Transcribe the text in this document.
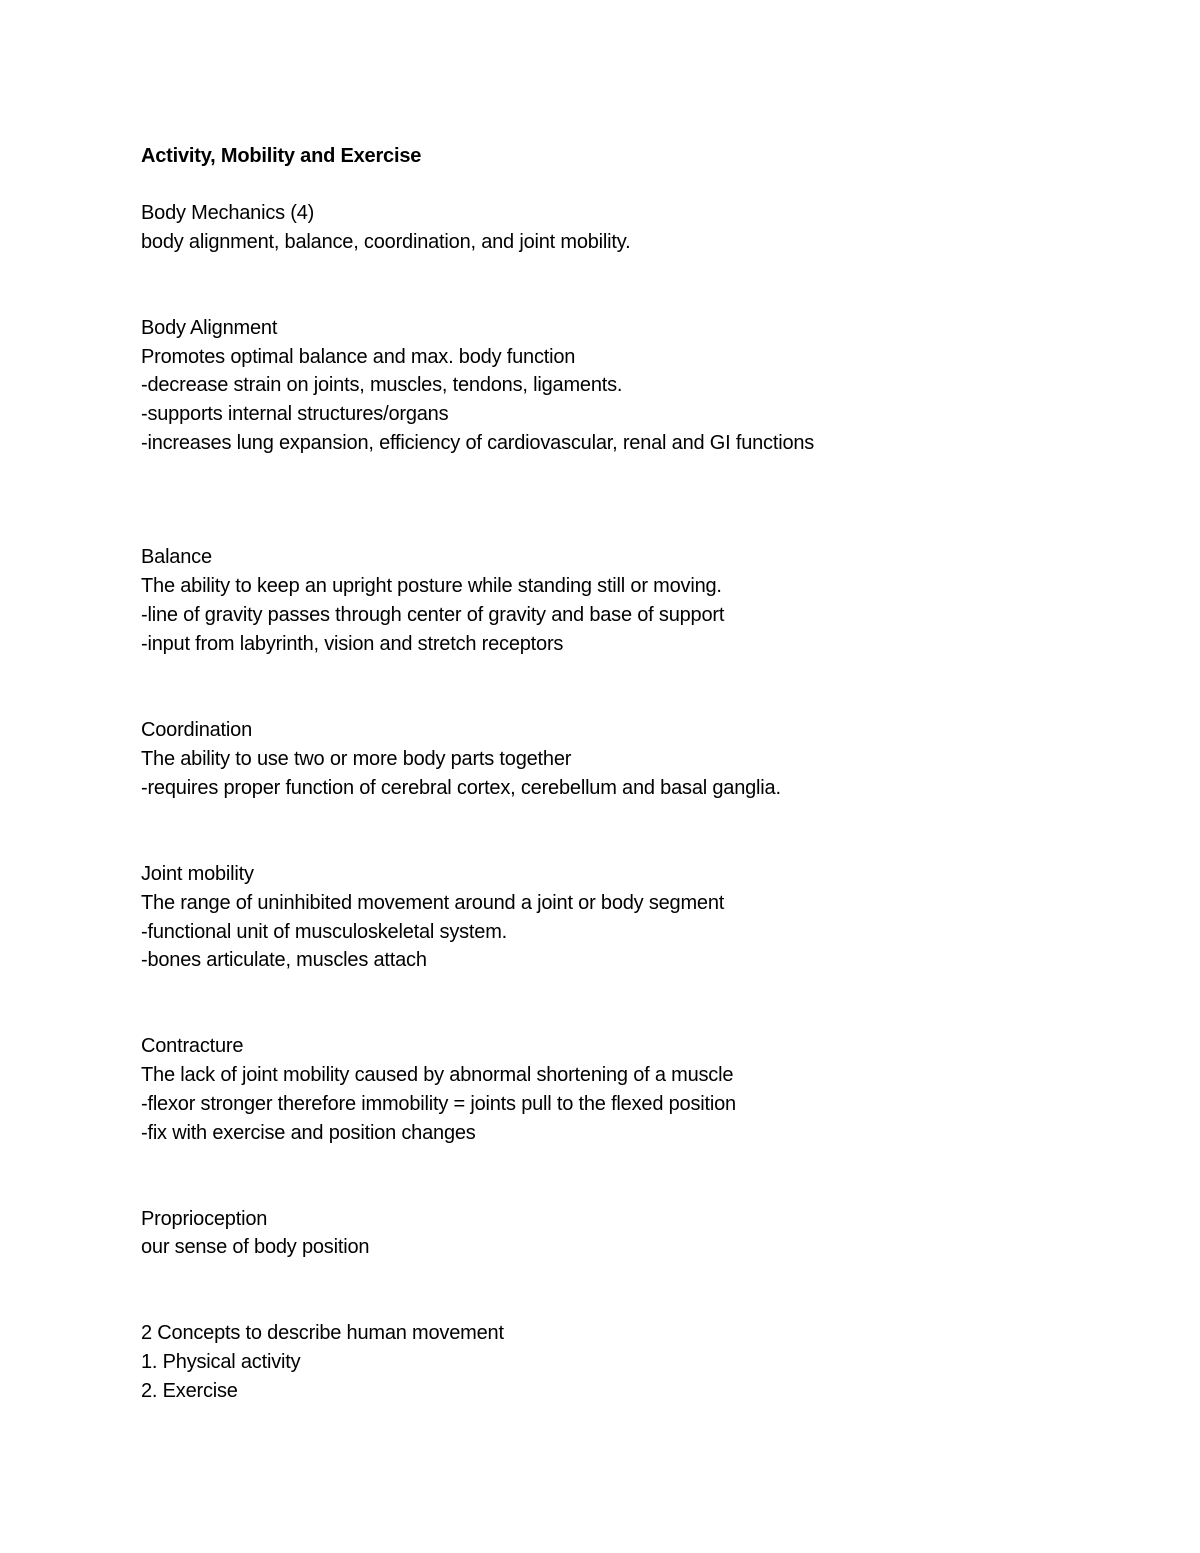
Activity, Mobility and Exercise
Body Mechanics (4)
body alignment, balance, coordination, and joint mobility.
Body Alignment
Promotes optimal balance and max. body function
-decrease strain on joints, muscles, tendons, ligaments.
-supports internal structures/organs
-increases lung expansion, efficiency of cardiovascular, renal and GI functions
Balance
The ability to keep an upright posture while standing still or moving.
-line of gravity passes through center of gravity and base of support
-input from labyrinth, vision and stretch receptors
Coordination
The ability to use two or more body parts together
-requires proper function of cerebral cortex, cerebellum and basal ganglia.
Joint mobility
The range of uninhibited movement around a joint or body segment
-functional unit of musculoskeletal system.
-bones articulate, muscles attach
Contracture
The lack of joint mobility caused by abnormal shortening of a muscle
-flexor stronger therefore immobility = joints pull to the flexed position
-fix with exercise and position changes
Proprioception
our sense of body position
2 Concepts to describe human movement
1. Physical activity
2. Exercise
